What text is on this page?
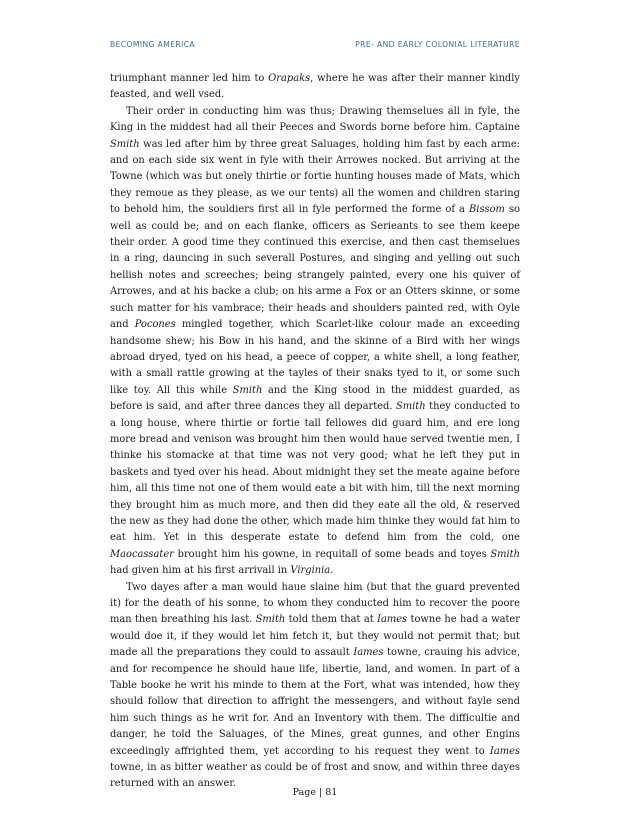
BECOMING AMERICA	PRE- AND EARLY COLONIAL LITERATURE

triumphant manner led him to Orapaks, where he was after their manner kindly feasted, and well vsed.

Their order in conducting him was thus; Drawing themselues all in fyle, the King in the middest had all their Peeces and Swords borne before him. Captaine Smith was led after him by three great Saluages, holding him fast by each arme: and on each side six went in fyle with their Arrowes nocked. But arriving at the Towne (which was but onely thirtie or fortie hunting houses made of Mats, which they remoue as they please, as we our tents) all the women and children staring to behold him, the souldiers first all in fyle performed the forme of a Bissom so well as could be; and on each flanke, officers as Serieants to see them keepe their order. A good time they continued this exercise, and then cast themselues in a ring, dauncing in such severall Postures, and singing and yelling out such hellish notes and screeches; being strangely painted, every one his quiver of Arrowes, and at his backe a club; on his arme a Fox or an Otters skinne, or some such matter for his vambrace; their heads and shoulders painted red, with Oyle and Pocones mingled together, which Scarlet-like colour made an exceeding handsome shew; his Bow in his hand, and the skinne of a Bird with her wings abroad dryed, tyed on his head, a peece of copper, a white shell, a long feather, with a small rattle growing at the tayles of their snaks tyed to it, or some such like toy. All this while Smith and the King stood in the middest guarded, as before is said, and after three dances they all departed. Smith they conducted to a long house, where thirtie or fortie tall fellowes did guard him, and ere long more bread and venison was brought him then would haue served twentie men, I thinke his stomacke at that time was not very good; what he left they put in baskets and tyed over his head. About midnight they set the meate againe before him, all this time not one of them would eate a bit with him, till the next morning they brought him as much more, and then did they eate all the old, & reserved the new as they had done the other, which made him thinke they would fat him to eat him. Yet in this desperate estate to defend him from the cold, one Maocassater brought him his gowne, in requitall of some beads and toyes Smith had given him at his first arrivall in Virginia.

Two dayes after a man would haue slaine him (but that the guard prevented it) for the death of his sonne, to whom they conducted him to recover the poore man then breathing his last. Smith told them that at Iames towne he had a water would doe it, if they would let him fetch it, but they would not permit that; but made all the preparations they could to assault Iames towne, crauing his advice, and for recompence he should haue life, libertie, land, and women. In part of a Table booke he writ his minde to them at the Fort, what was intended, how they should follow that direction to affright the messengers, and without fayle send him such things as he writ for. And an Inventory with them. The difficultie and danger, he told the Saluages, of the Mines, great gunnes, and other Engins exceedingly affrighted them, yet according to his request they went to Iames towne, in as bitter weather as could be of frost and snow, and within three dayes returned with an answer.

Page | 81
